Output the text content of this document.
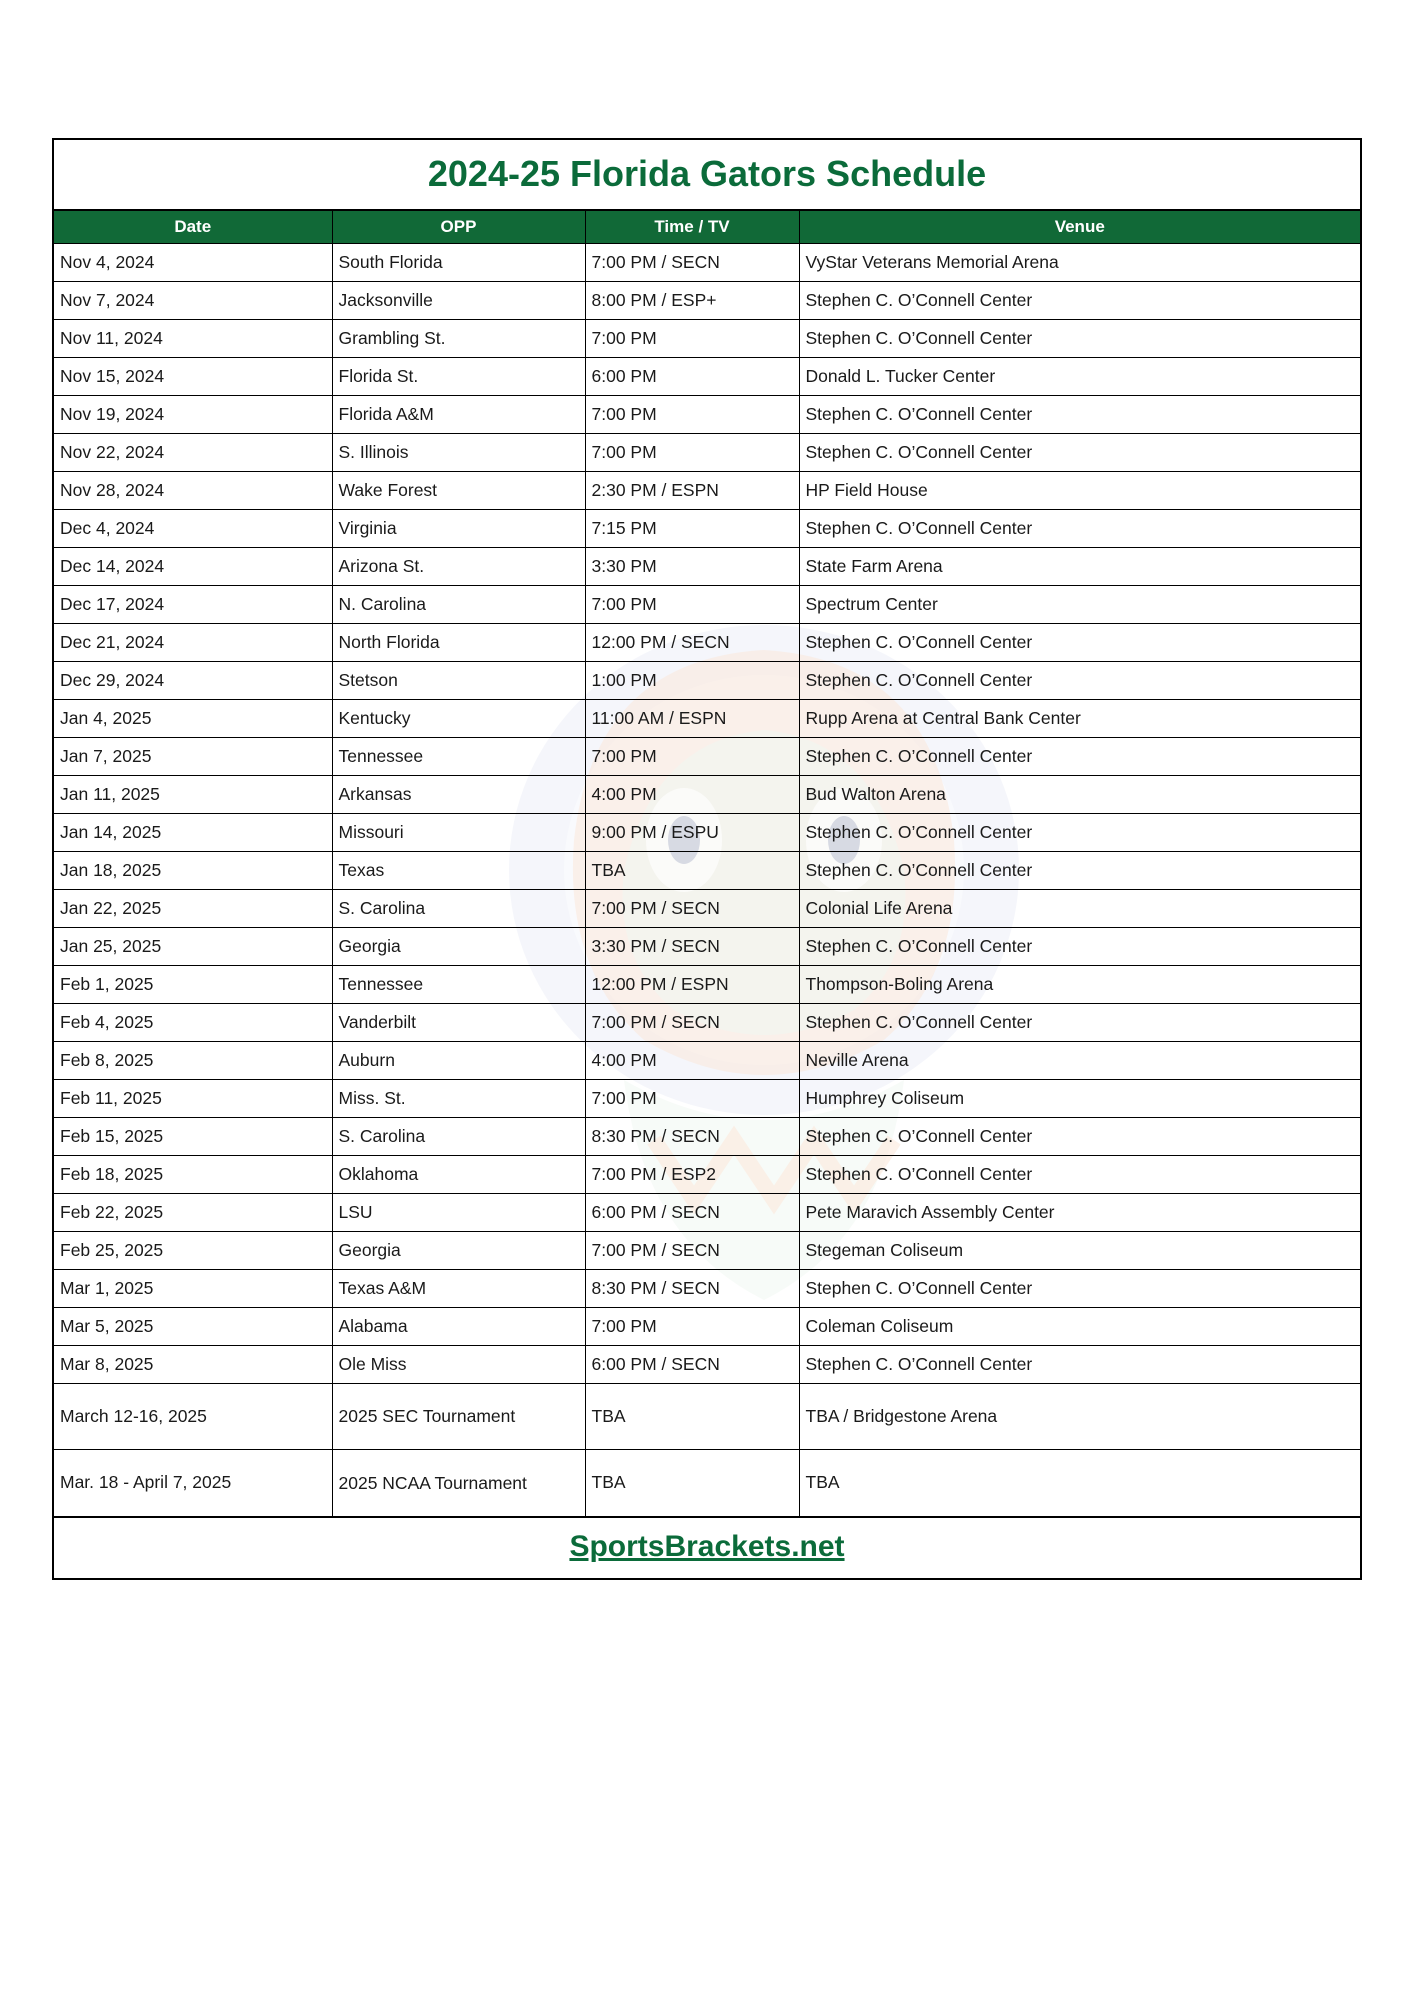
2024-25 Florida Gators Schedule
Date	OPP	Time / TV	Venue
Nov 4, 2024	South Florida	7:00 PM / SECN	VyStar Veterans Memorial Arena
Nov 7, 2024	Jacksonville	8:00 PM / ESP+	Stephen C. O’Connell Center
Nov 11, 2024	Grambling St.	7:00 PM	Stephen C. O’Connell Center
Nov 15, 2024	Florida St.	6:00 PM	Donald L. Tucker Center
Nov 19, 2024	Florida A&M	7:00 PM	Stephen C. O’Connell Center
Nov 22, 2024	S. Illinois	7:00 PM	Stephen C. O’Connell Center
Nov 28, 2024	Wake Forest	2:30 PM / ESPN	HP Field House
Dec 4, 2024	Virginia	7:15 PM	Stephen C. O’Connell Center
Dec 14, 2024	Arizona St.	3:30 PM	State Farm Arena
Dec 17, 2024	N. Carolina	7:00 PM	Spectrum Center
Dec 21, 2024	North Florida	12:00 PM / SECN	Stephen C. O’Connell Center
Dec 29, 2024	Stetson	1:00 PM	Stephen C. O’Connell Center
Jan 4, 2025	Kentucky	11:00 AM / ESPN	Rupp Arena at Central Bank Center
Jan 7, 2025	Tennessee	7:00 PM	Stephen C. O’Connell Center
Jan 11, 2025	Arkansas	4:00 PM	Bud Walton Arena
Jan 14, 2025	Missouri	9:00 PM / ESPU	Stephen C. O’Connell Center
Jan 18, 2025	Texas	TBA	Stephen C. O’Connell Center
Jan 22, 2025	S. Carolina	7:00 PM / SECN	Colonial Life Arena
Jan 25, 2025	Georgia	3:30 PM / SECN	Stephen C. O’Connell Center
Feb 1, 2025	Tennessee	12:00 PM / ESPN	Thompson-Boling Arena
Feb 4, 2025	Vanderbilt	7:00 PM / SECN	Stephen C. O’Connell Center
Feb 8, 2025	Auburn	4:00 PM	Neville Arena
Feb 11, 2025	Miss. St.	7:00 PM	Humphrey Coliseum
Feb 15, 2025	S. Carolina	8:30 PM / SECN	Stephen C. O’Connell Center
Feb 18, 2025	Oklahoma	7:00 PM / ESP2	Stephen C. O’Connell Center
Feb 22, 2025	LSU	6:00 PM / SECN	Pete Maravich Assembly Center
Feb 25, 2025	Georgia	7:00 PM / SECN	Stegeman Coliseum
Mar 1, 2025	Texas A&M	8:30 PM / SECN	Stephen C. O’Connell Center
Mar 5, 2025	Alabama	7:00 PM	Coleman Coliseum
Mar 8, 2025	Ole Miss	6:00 PM / SECN	Stephen C. O’Connell Center
March 12-16, 2025	2025 SEC Tournament	TBA	TBA / Bridgestone Arena
Mar. 18 - April 7, 2025	2025 NCAA Tournament	TBA	TBA
SportsBrackets.net
